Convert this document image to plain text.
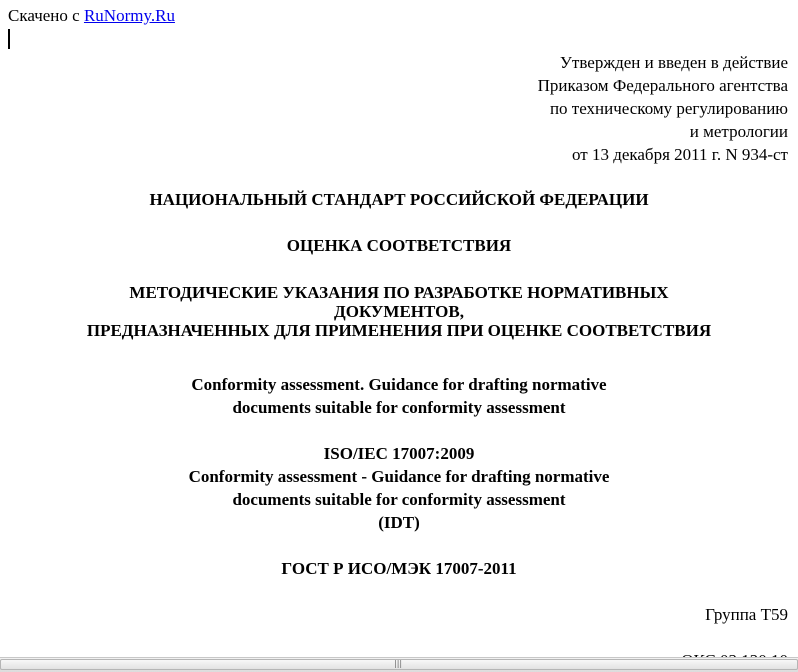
Скачено с RuNormy.Ru
Утвержден и введен в действие
Приказом Федерального агентства
по техническому регулированию
и метрологии
от 13 декабря 2011 г. N 934-ст
НАЦИОНАЛЬНЫЙ СТАНДАРТ РОССИЙСКОЙ ФЕДЕРАЦИИ
ОЦЕНКА СООТВЕТСТВИЯ
МЕТОДИЧЕСКИЕ УКАЗАНИЯ ПО РАЗРАБОТКЕ НОРМАТИВНЫХ
ДОКУМЕНТОВ,
ПРЕДНАЗНАЧЕННЫХ ДЛЯ ПРИМЕНЕНИЯ ПРИ ОЦЕНКЕ СООТВЕТСТВИЯ
Conformity assessment. Guidance for drafting normative
documents suitable for conformity assessment
ISO/IEC 17007:2009
Conformity assessment - Guidance for drafting normative
documents suitable for conformity assessment
(IDT)
ГОСТ Р ИСО/МЭК 17007-2011
Группа Т59
|||
